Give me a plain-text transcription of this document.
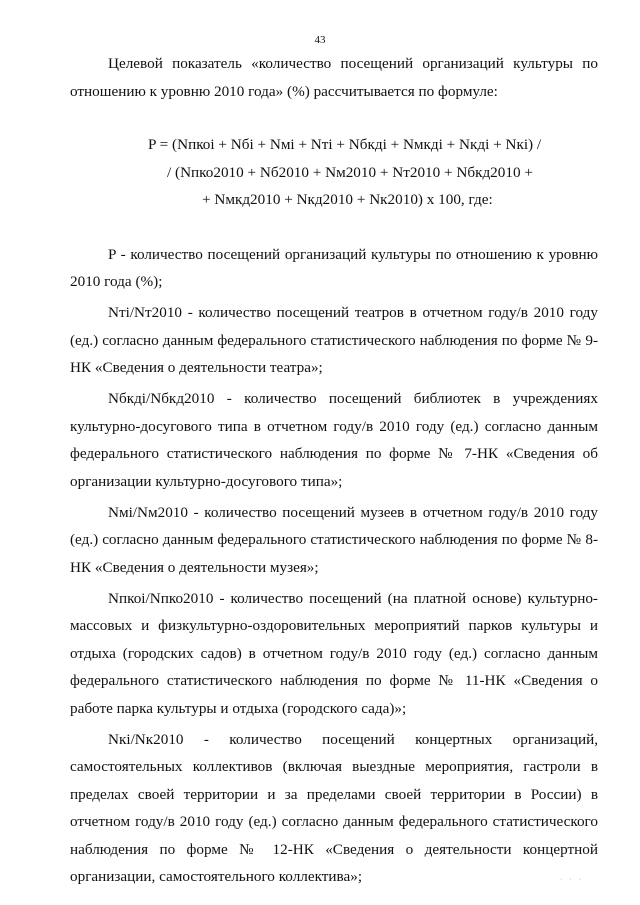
43

Целевой показатель «количество посещений организаций культуры по отношению к уровню 2010 года» (%) рассчитывается по формуле:

P = (Nпкоі + Nбі + Nмі + Nті + Nбкді + Nмкді + Nкді + Nкі) /
/ (Nпко2010 + Nб2010 + Nм2010 + Nт2010 + Nбкд2010 +
+ Nмкд2010 + Nкд2010 + Nк2010) х 100, где:

P - количество посещений организаций культуры по отношению к уровню 2010 года (%);

Nті/Nт2010 - количество посещений театров в отчетном году/в 2010 году (ед.) согласно данным федерального статистического наблюдения по форме № 9-НК «Сведения о деятельности театра»;

Nбкді/Nбкд2010 - количество посещений библиотек в учреждениях культурно-досугового типа в отчетном году/в 2010 году (ед.) согласно данным федерального статистического наблюдения по форме № 7-НК «Сведения об организации культурно-досугового типа»;

Nмі/Nм2010 - количество посещений музеев в отчетном году/в 2010 году (ед.) согласно данным федерального статистического наблюдения по форме № 8-НК «Сведения о деятельности музея»;

Nпкоі/Nпко2010 - количество посещений (на платной основе) культурно-массовых и физкультурно-оздоровительных мероприятий парков культуры и отдыха (городских садов) в отчетном году/в 2010 году (ед.) согласно данным федерального статистического наблюдения по форме № 11-НК «Сведения о работе парка культуры и отдыха (городского сада)»;

Nкі/Nк2010 - количество посещений концертных организаций, самостоятельных коллективов (включая выездные мероприятия, гастроли в пределах своей территории и за пределами своей территории в России) в отчетном году/в 2010 году (ед.) согласно данным федерального статистического наблюдения по форме № 12-НК «Сведения о деятельности концертной организации, самостоятельного коллектива»;	· · ·
